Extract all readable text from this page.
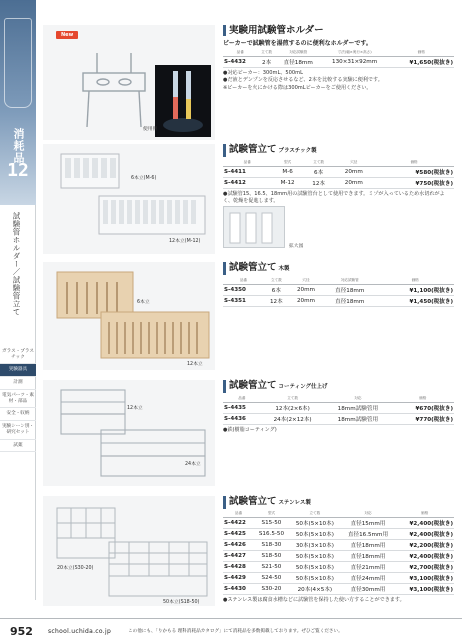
消耗品
12
試験管ホルダー／試験管立て
ガラス・プラスチック
実験器具
計測
電気パーツ・素材・部品
安全・収納
実験シーン別・研究セット
試薬
New
使用例
実験用試験管ホルダー
ビーカーで試験管を湯煎するのに便利なホルダーです。
品番	立て数	対応試験管	寸法(幅×奥行×高さ)	価格
S-4432	2本	直径18mm	130×31×92mm	¥1,650(税抜き)
●対応ビーカー：300mL、500mL
●だ液とデンプンを反応させるなど、2本を比較する実験に便利です。
※ビーカーを火にかける際は300mLビーカーをご使用ください。
6本立(M-6)
12本立(M-12)
試験管立て プラスチック製
品番	型式	立て数	穴径	価格
S-4411	M-6	6本	20mm	¥580(税抜き)
S-4412	M-12	12本	20mm	¥750(税抜き)
●試験管15、16.5、18mm用の試験管台として使用できます。ミゾが入っているため水切れがよく、乾燥を促進します。
拡大図
6本立
12本立
試験管立て 木製
品番	立て数	穴径	対応試験管	価格
S-4350	6本	20mm	直径18mm	¥1,100(税抜き)
S-4351	12本	20mm	直径18mm	¥1,450(税抜き)
12本立
24本立
試験管立て コーティング仕上げ
品番	立て数	対応	価格
S-4435	12本(2×6本)	18mm試験管用	¥670(税抜き)
S-4436	24本(2×12本)	18mm試験管用	¥770(税抜き)
●鉄(樹脂コーティング)
20本立(S30-20)
50本立(S18-50)
試験管立て ステンレス製
品番	型式	立て数	対応	価格
S-4422	S15-50	50本(5×10本)	直径15mm用	¥2,400(税抜き)
S-4425	S16.5-50	50本(5×10本)	直径16.5mm用	¥2,400(税抜き)
S-4426	S18-30	30本(3×10本)	直径18mm用	¥2,200(税抜き)
S-4427	S18-50	50本(5×10本)	直径18mm用	¥2,400(税抜き)
S-4428	S21-50	50本(5×10本)	直径21mm用	¥2,700(税抜き)
S-4429	S24-50	50本(5×10本)	直径24mm用	¥3,100(税抜き)
S-4430	S30-20	20本(4×5本)	直径30mm用	¥3,100(税抜き)
●ステンレス製は腐食水槽などに試験管を保持した使い方することができます。
952	school.uchida.co.jp	この他にも、「りかもる 理科消耗品カタログ」にて消耗品を多数掲載しております。ぜひご覧ください。
